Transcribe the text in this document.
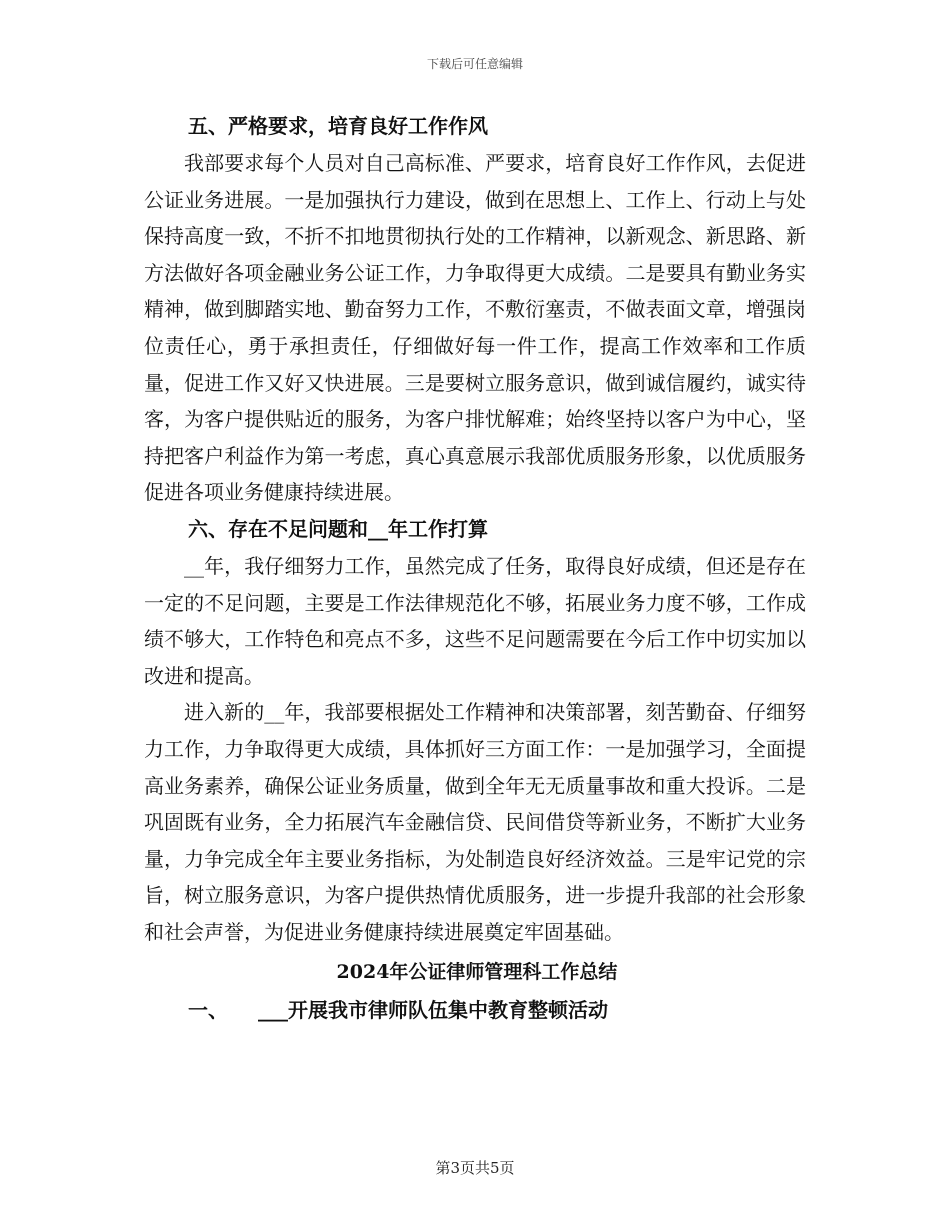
下载后可任意编辑
五、严格要求，培育良好工作作风

我部要求每个人员对自己高标准、严要求，培育良好工作作风，去促进公证业务进展。一是加强执行力建设，做到在思想上、工作上、行动上与处保持高度一致，不折不扣地贯彻执行处的工作精神，以新观念、新思路、新方法做好各项金融业务公证工作，力争取得更大成绩。二是要具有勤业务实精神，做到脚踏实地、勤奋努力工作，不敷衍塞责，不做表面文章，增强岗位责任心，勇于承担责任，仔细做好每一件工作，提高工作效率和工作质量，促进工作又好又快进展。三是要树立服务意识，做到诚信履约，诚实待客，为客户提供贴近的服务，为客户排忧解难；始终坚持以客户为中心，坚持把客户利益作为第一考虑，真心真意展示我部优质服务形象，以优质服务促进各项业务健康持续进展。

六、存在不足问题和__年工作打算

__年，我仔细努力工作，虽然完成了任务，取得良好成绩，但还是存在一定的不足问题，主要是工作法律规范化不够，拓展业务力度不够，工作成绩不够大，工作特色和亮点不多，这些不足问题需要在今后工作中切实加以改进和提高。

进入新的__年，我部要根据处工作精神和决策部署，刻苦勤奋、仔细努力工作，力争取得更大成绩，具体抓好三方面工作：一是加强学习，全面提高业务素养，确保公证业务质量，做到全年无无质量事故和重大投诉。二是巩固既有业务，全力拓展汽车金融信贷、民间借贷等新业务，不断扩大业务量，力争完成全年主要业务指标，为处制造良好经济效益。三是牢记党的宗旨，树立服务意识，为客户提供热情优质服务，进一步提升我部的社会形象和社会声誉，为促进业务健康持续进展奠定牢固基础。

2024年公证律师管理科工作总结
一、 ___开展我市律师队伍集中教育整顿活动
第3页共5页
